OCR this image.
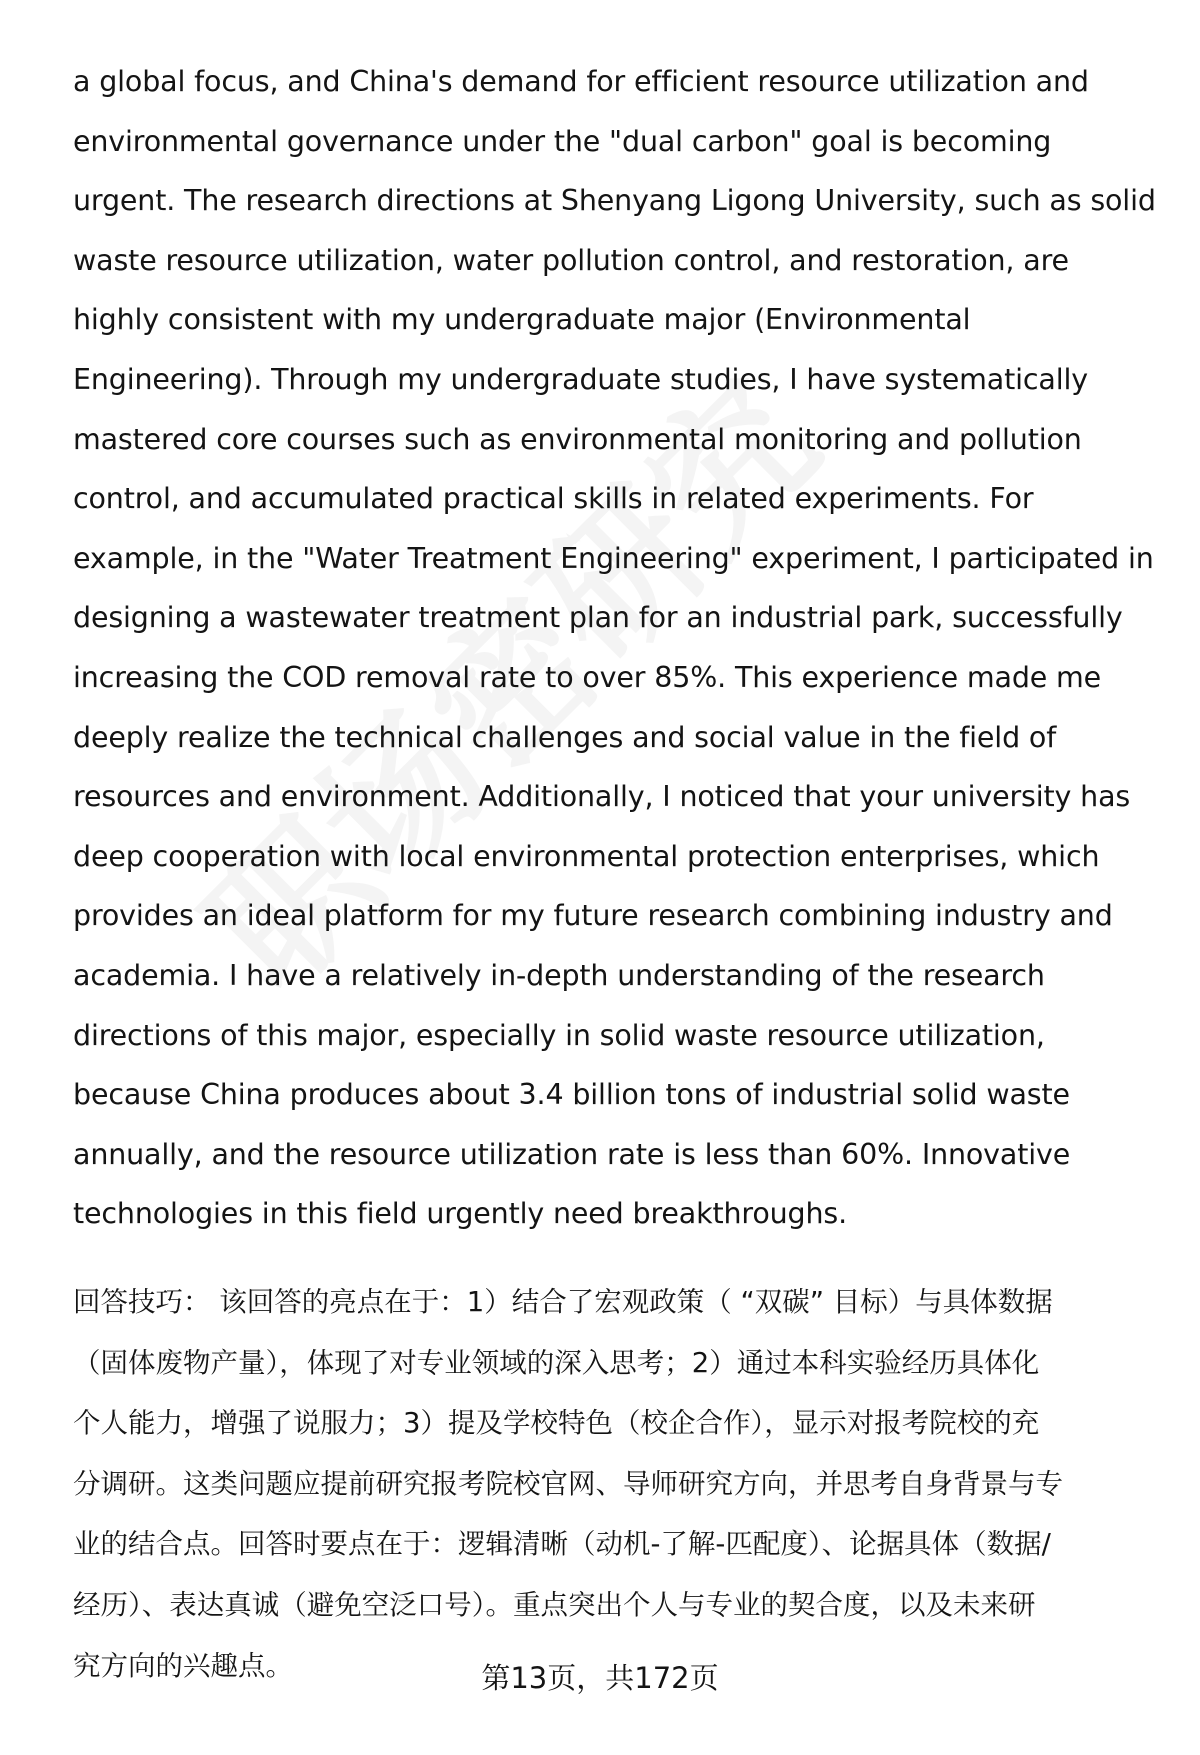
a global focus, and China's demand for efficient resource utilization and
environmental governance under the "dual carbon" goal is becoming
urgent. The research directions at Shenyang Ligong University, such as solid
waste resource utilization, water pollution control, and restoration, are
highly consistent with my undergraduate major (Environmental
Engineering). Through my undergraduate studies, I have systematically
mastered core courses such as environmental monitoring and pollution
control, and accumulated practical skills in related experiments. For
example, in the "Water Treatment Engineering" experiment, I participated in
designing a wastewater treatment plan for an industrial park, successfully
increasing the COD removal rate to over 85%. This experience made me
deeply realize the technical challenges and social value in the field of
resources and environment. Additionally, I noticed that your university has
deep cooperation with local environmental protection enterprises, which
provides an ideal platform for my future research combining industry and
academia. I have a relatively in-depth understanding of the research
directions of this major, especially in solid waste resource utilization,
because China produces about 3.4 billion tons of industrial solid waste
annually, and the resource utilization rate is less than 60%. Innovative
technologies in this field urgently need breakthroughs.
回答技巧： 该回答的亮点在于：1）结合了宏观政策（ “双碳” 目标）与具体数据
（固体废物产量），体现了对专业领域的深入思考；2）通过本科实验经历具体化
个人能力，增强了说服力；3）提及学校特色（校企合作），显示对报考院校的充
分调研。这类问题应提前研究报考院校官网、导师研究方向，并思考自身背景与专
业的结合点。回答时要点在于：逻辑清晰（动机-了解-匹配度）、论据具体（数据/
经历）、表达真诚（避免空泛口号）。重点突出个人与专业的契合度，以及未来研
究方向的兴趣点。	第13页，共172页
